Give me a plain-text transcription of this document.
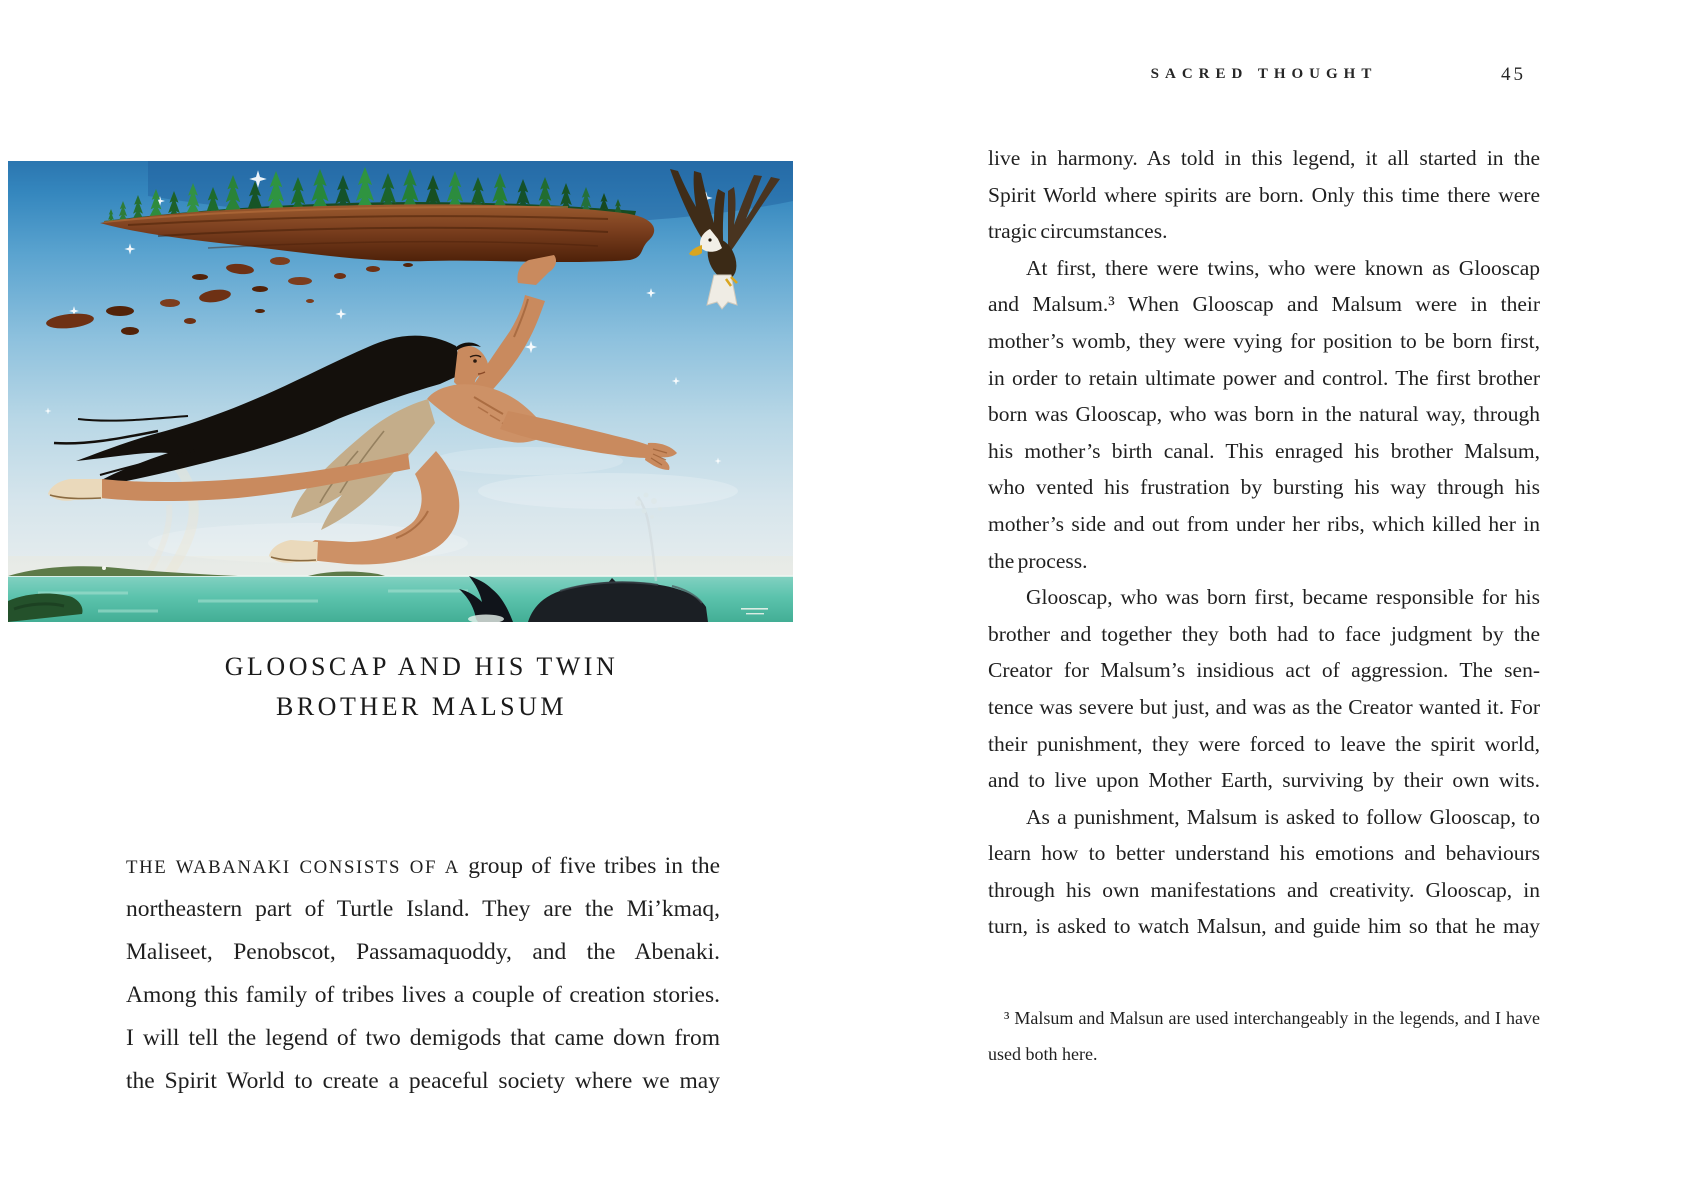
GLOOSCAP AND HIS TWIN
BROTHER MALSUM
THE WABANAKI CONSISTS OF A group of five tribes in the
northeastern part of Turtle Island. They are the Mi’kmaq,
Maliseet, Penobscot, Passamaquoddy, and the Abenaki.
Among this family of tribes lives a couple of creation stories.
I will tell the legend of two demigods that came down from
the Spirit World to create a peaceful society where we may
SACRED THOUGHT	45
live in harmony. As told in this legend, it all started in the
Spirit World where spirits are born. Only this time there were
tragic circumstances.
At first, there were twins, who were known as Glooscap
and Malsum.³ When Glooscap and Malsum were in their
mother’s womb, they were vying for position to be born first,
in order to retain ultimate power and control. The first brother
born was Glooscap, who was born in the natural way, through
his mother’s birth canal. This enraged his brother Malsum,
who vented his frustration by bursting his way through his
mother’s side and out from under her ribs, which killed her in
the process.
Glooscap, who was born first, became responsible for his
brother and together they both had to face judgment by the
Creator for Malsum’s insidious act of aggression. The sen-
tence was severe but just, and was as the Creator wanted it. For
their punishment, they were forced to leave the spirit world,
and to live upon Mother Earth, surviving by their own wits.
As a punishment, Malsum is asked to follow Glooscap, to
learn how to better understand his emotions and behaviours
through his own manifestations and creativity. Glooscap, in
turn, is asked to watch Malsun, and guide him so that he may
³ Malsum and Malsun are used interchangeably in the legends, and I have
used both here.
